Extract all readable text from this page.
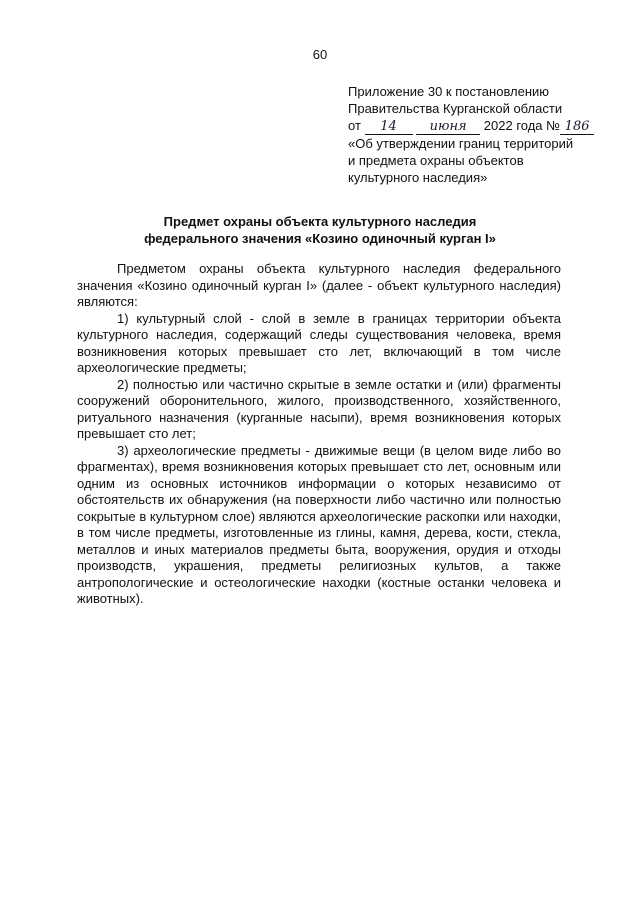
60
Приложение 30 к постановлению
Правительства Курганской области
от 14	июня 2022 года № 186
«Об утверждении границ территорий
и предмета охраны объектов
культурного наследия»
Предмет охраны объекта культурного наследия
федерального значения «Козино одиночный курган I»

Предметом охраны объекта культурного наследия федерального значения «Козино одиночный курган I» (далее - объект культурного наследия) являются:

1) культурный слой - слой в земле в границах территории объекта культурного наследия, содержащий следы существования человека, время возникновения которых превышает сто лет, включающий в том числе археологические предметы;

2) полностью или частично скрытые в земле остатки и (или) фрагменты сооружений оборонительного, жилого, производственного, хозяйственного, ритуального назначения (курганные насыпи), время возникновения которых превышает сто лет;

3) археологические предметы - движимые вещи (в целом виде либо во фрагментах), время возникновения которых превышает сто лет, основным или одним из основных источников информации о которых независимо от обстоятельств их обнаружения (на поверхности либо частично или полностью сокрытые в культурном слое) являются археологические раскопки или находки, в том числе предметы, изготовленные из глины, камня, дерева, кости, стекла, металлов и иных материалов предметы быта, вооружения, орудия и отходы производств, украшения, предметы религиозных культов, а также антропологические и остеологические находки (костные останки человека и животных).
